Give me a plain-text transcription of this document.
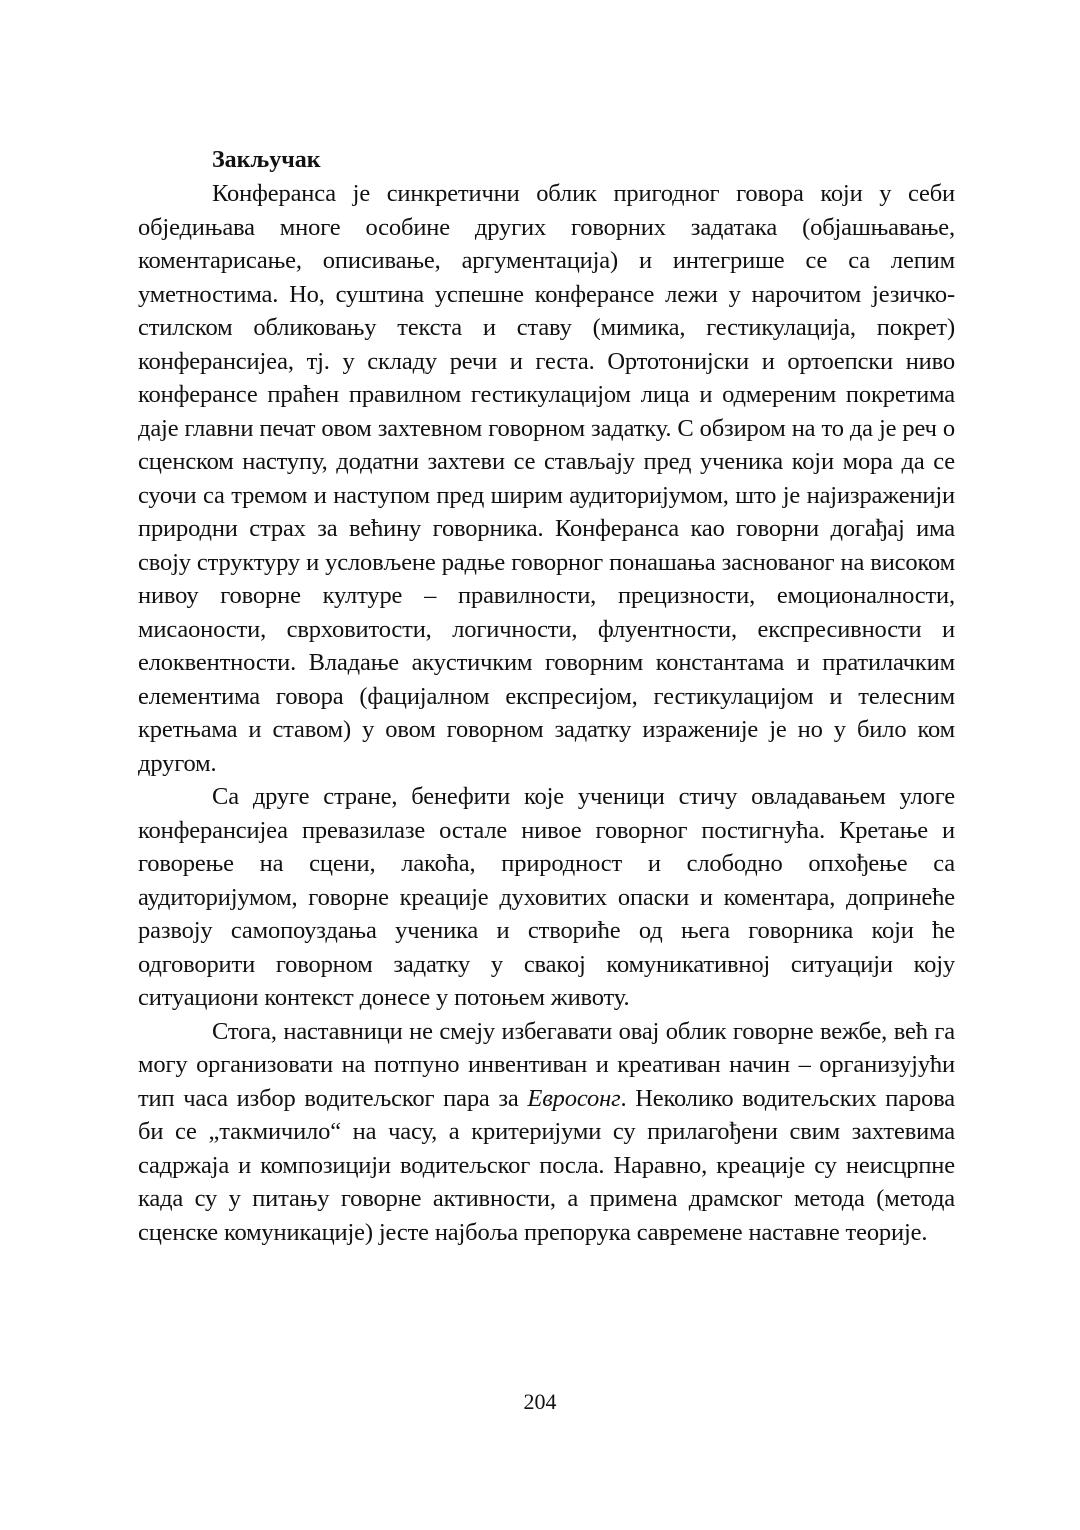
Закључак

Конферанса је синкретични облик пригодног говора који у себи обједињава многе особине других говорних задатака (објашњавање, коментарисање, описивање, аргументација) и интегрише се са лепим уметностима. Но, суштина успешне конферансе лежи у нарочитом језичко-стилском обликовању текста и ставу (мимика, гестикулација, покрет) конферансијеа, тј. у складу речи и геста. Ортотонијски и ортоепски ниво конферансе праћен правилном гестикулацијом лица и одмереним покретима даје главни печат овом захтевном говорном задатку. С обзиром на то да је реч о сценском наступу, додатни захтеви се стављају пред ученика који мора да се суочи са тремом и наступом пред ширим аудиторијумом, што је најизраженији природни страх за већину говорника. Конферанса као говорни догађај има своју структуру и условљене радње говорног понашања заснованог на високом нивоу говорне културе – правилности, прецизности, емоционалности, мисаоности, сврховитости, логичности, флуентности, експресивности и елоквентности. Владање акустичким говорним константама и пратилачким елементима говора (фацијалном експресијом, гестикулацијом и телесним кретњама и ставом) у овом говорном задатку израженије је но у било ком другом.

Са друге стране, бенефити које ученици стичу овладавањем улоге конферансијеа превазилазе остале нивое говорног постигнућа. Кретање и говорење на сцени, лакоћа, природност и слободно опхођење са аудиторијумом, говорне креације духовитих опаски и коментара, допринеће развоју самопоуздања ученика и створиће од њега говорника који ће одговорити говорном задатку у свакој комуникативној ситуацији коју ситуациони контекст донесе у потоњем животу.

Стога, наставници не смеју избегавати овај облик говорне вежбе, већ га могу организовати на потпуно инвентиван и креативан начин – организујући тип часа избор водитељског пара за Евросонг. Неколико водитељских парова би се „такмичило“ на часу, а критеријуми су прилагођени свим захтевима садржаја и композицији водитељског посла. Наравно, креације су неисцрпне када су у питању говорне активности, а примена драмског метода (метода сценске комуникације) јесте најбоља препорука савремене наставне теорије.

204
